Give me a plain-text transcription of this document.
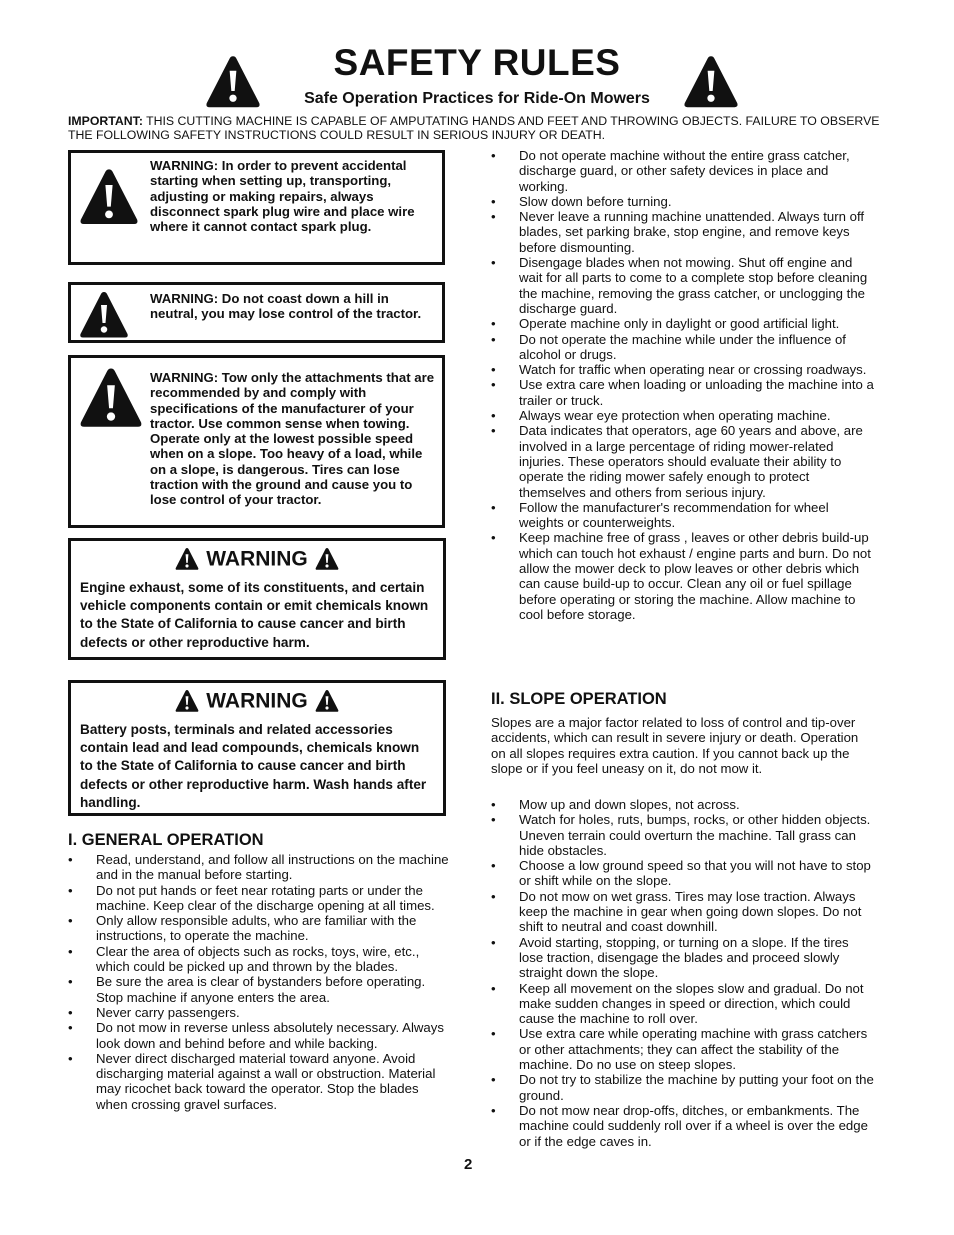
SAFETY RULES
Safe Operation Practices for Ride-On Mowers
IMPORTANT: THIS CUTTING MACHINE IS CAPABLE OF AMPUTATING HANDS AND FEET AND THROWING OBJECTS. FAILURE TO OBSERVE THE FOLLOWING SAFETY INSTRUCTIONS COULD RESULT IN SERIOUS INJURY OR DEATH.
WARNING: In order to prevent accidental starting when setting up, transporting, adjusting or making repairs, always disconnect spark plug wire and place wire where it cannot contact spark plug.
WARNING: Do not coast down a hill in neutral, you may lose control of the tractor.
WARNING: Tow only the attachments that are recommended by and comply with specifications of the manufacturer of your tractor. Use common sense when towing. Operate only at the lowest possible speed when on a slope. Too heavy of a load, while on a slope, is dangerous. Tires can lose traction with the ground and cause you to lose control of your tractor.
WARNING
Engine exhaust, some of its constituents, and certain vehicle components contain or emit chemicals known to the State of California to cause cancer and birth defects or other reproductive harm.
WARNING
Battery posts, terminals and related accessories contain lead and lead compounds, chemicals known to the State of California to cause cancer and birth defects or other reproductive harm. Wash hands after handling.
I. GENERAL OPERATION
• Read, understand, and follow all instructions on the machine and in the manual before starting.
• Do not put hands or feet near rotating parts or under the machine. Keep clear of the discharge opening at all times.
• Only allow responsible adults, who are familiar with the instructions, to operate the machine.
• Clear the area of objects such as rocks, toys, wire, etc., which could be picked up and thrown by the blades.
• Be sure the area is clear of bystanders before operating. Stop machine if anyone enters the area.
• Never carry passengers.
• Do not mow in reverse unless absolutely necessary. Always look down and behind before and while backing.
• Never direct discharged material toward anyone. Avoid discharging material against a wall or obstruction. Material may ricochet back toward the operator. Stop the blades when crossing gravel surfaces.
• Do not operate machine without the entire grass catcher, discharge guard, or other safety devices in place and working.
• Slow down before turning.
• Never leave a running machine unattended. Always turn off blades, set parking brake, stop engine, and remove keys before dismounting.
• Disengage blades when not mowing. Shut off engine and wait for all parts to come to a complete stop before cleaning the machine, removing the grass catcher, or unclogging the discharge guard.
• Operate machine only in daylight or good artificial light.
• Do not operate the machine while under the influence of alcohol or drugs.
• Watch for traffic when operating near or crossing roadways.
• Use extra care when loading or unloading the machine into a trailer or truck.
• Always wear eye protection when operating machine.
• Data indicates that operators, age 60 years and above, are involved in a large percentage of riding mower-related injuries. These operators should evaluate their ability to operate the riding mower safely enough to protect themselves and others from serious injury.
• Follow the manufacturer's recommendation for wheel weights or counterweights.
• Keep machine free of grass , leaves or other debris build-up which can touch hot exhaust / engine parts and burn. Do not allow the mower deck to plow leaves or other debris which can cause build-up to occur. Clean any oil or fuel spillage before operating or storing the machine. Allow machine to cool before storage.
II. SLOPE OPERATION
Slopes are a major factor related to loss of control and tip-over accidents, which can result in severe injury or death. Operation on all slopes requires extra caution. If you cannot back up the slope or if you feel uneasy on it, do not mow it.
• Mow up and down slopes, not across.
• Watch for holes, ruts, bumps, rocks, or other hidden objects. Uneven terrain could overturn the machine. Tall grass can hide obstacles.
• Choose a low ground speed so that you will not have to stop or shift while on the slope.
• Do not mow on wet grass. Tires may lose traction. Always keep the machine in gear when going down slopes. Do not shift to neutral and coast downhill.
• Avoid starting, stopping, or turning on a slope. If the tires lose traction, disengage the blades and proceed slowly straight down the slope.
• Keep all movement on the slopes slow and gradual. Do not make sudden changes in speed or direction, which could cause the machine to roll over.
• Use extra care while operating machine with grass catchers or other attachments; they can affect the stability of the machine. Do no use on steep slopes.
• Do not try to stabilize the machine by putting your foot on the ground.
• Do not mow near drop-offs, ditches, or embankments. The machine could suddenly roll over if a wheel is over the edge or if the edge caves in.
2
